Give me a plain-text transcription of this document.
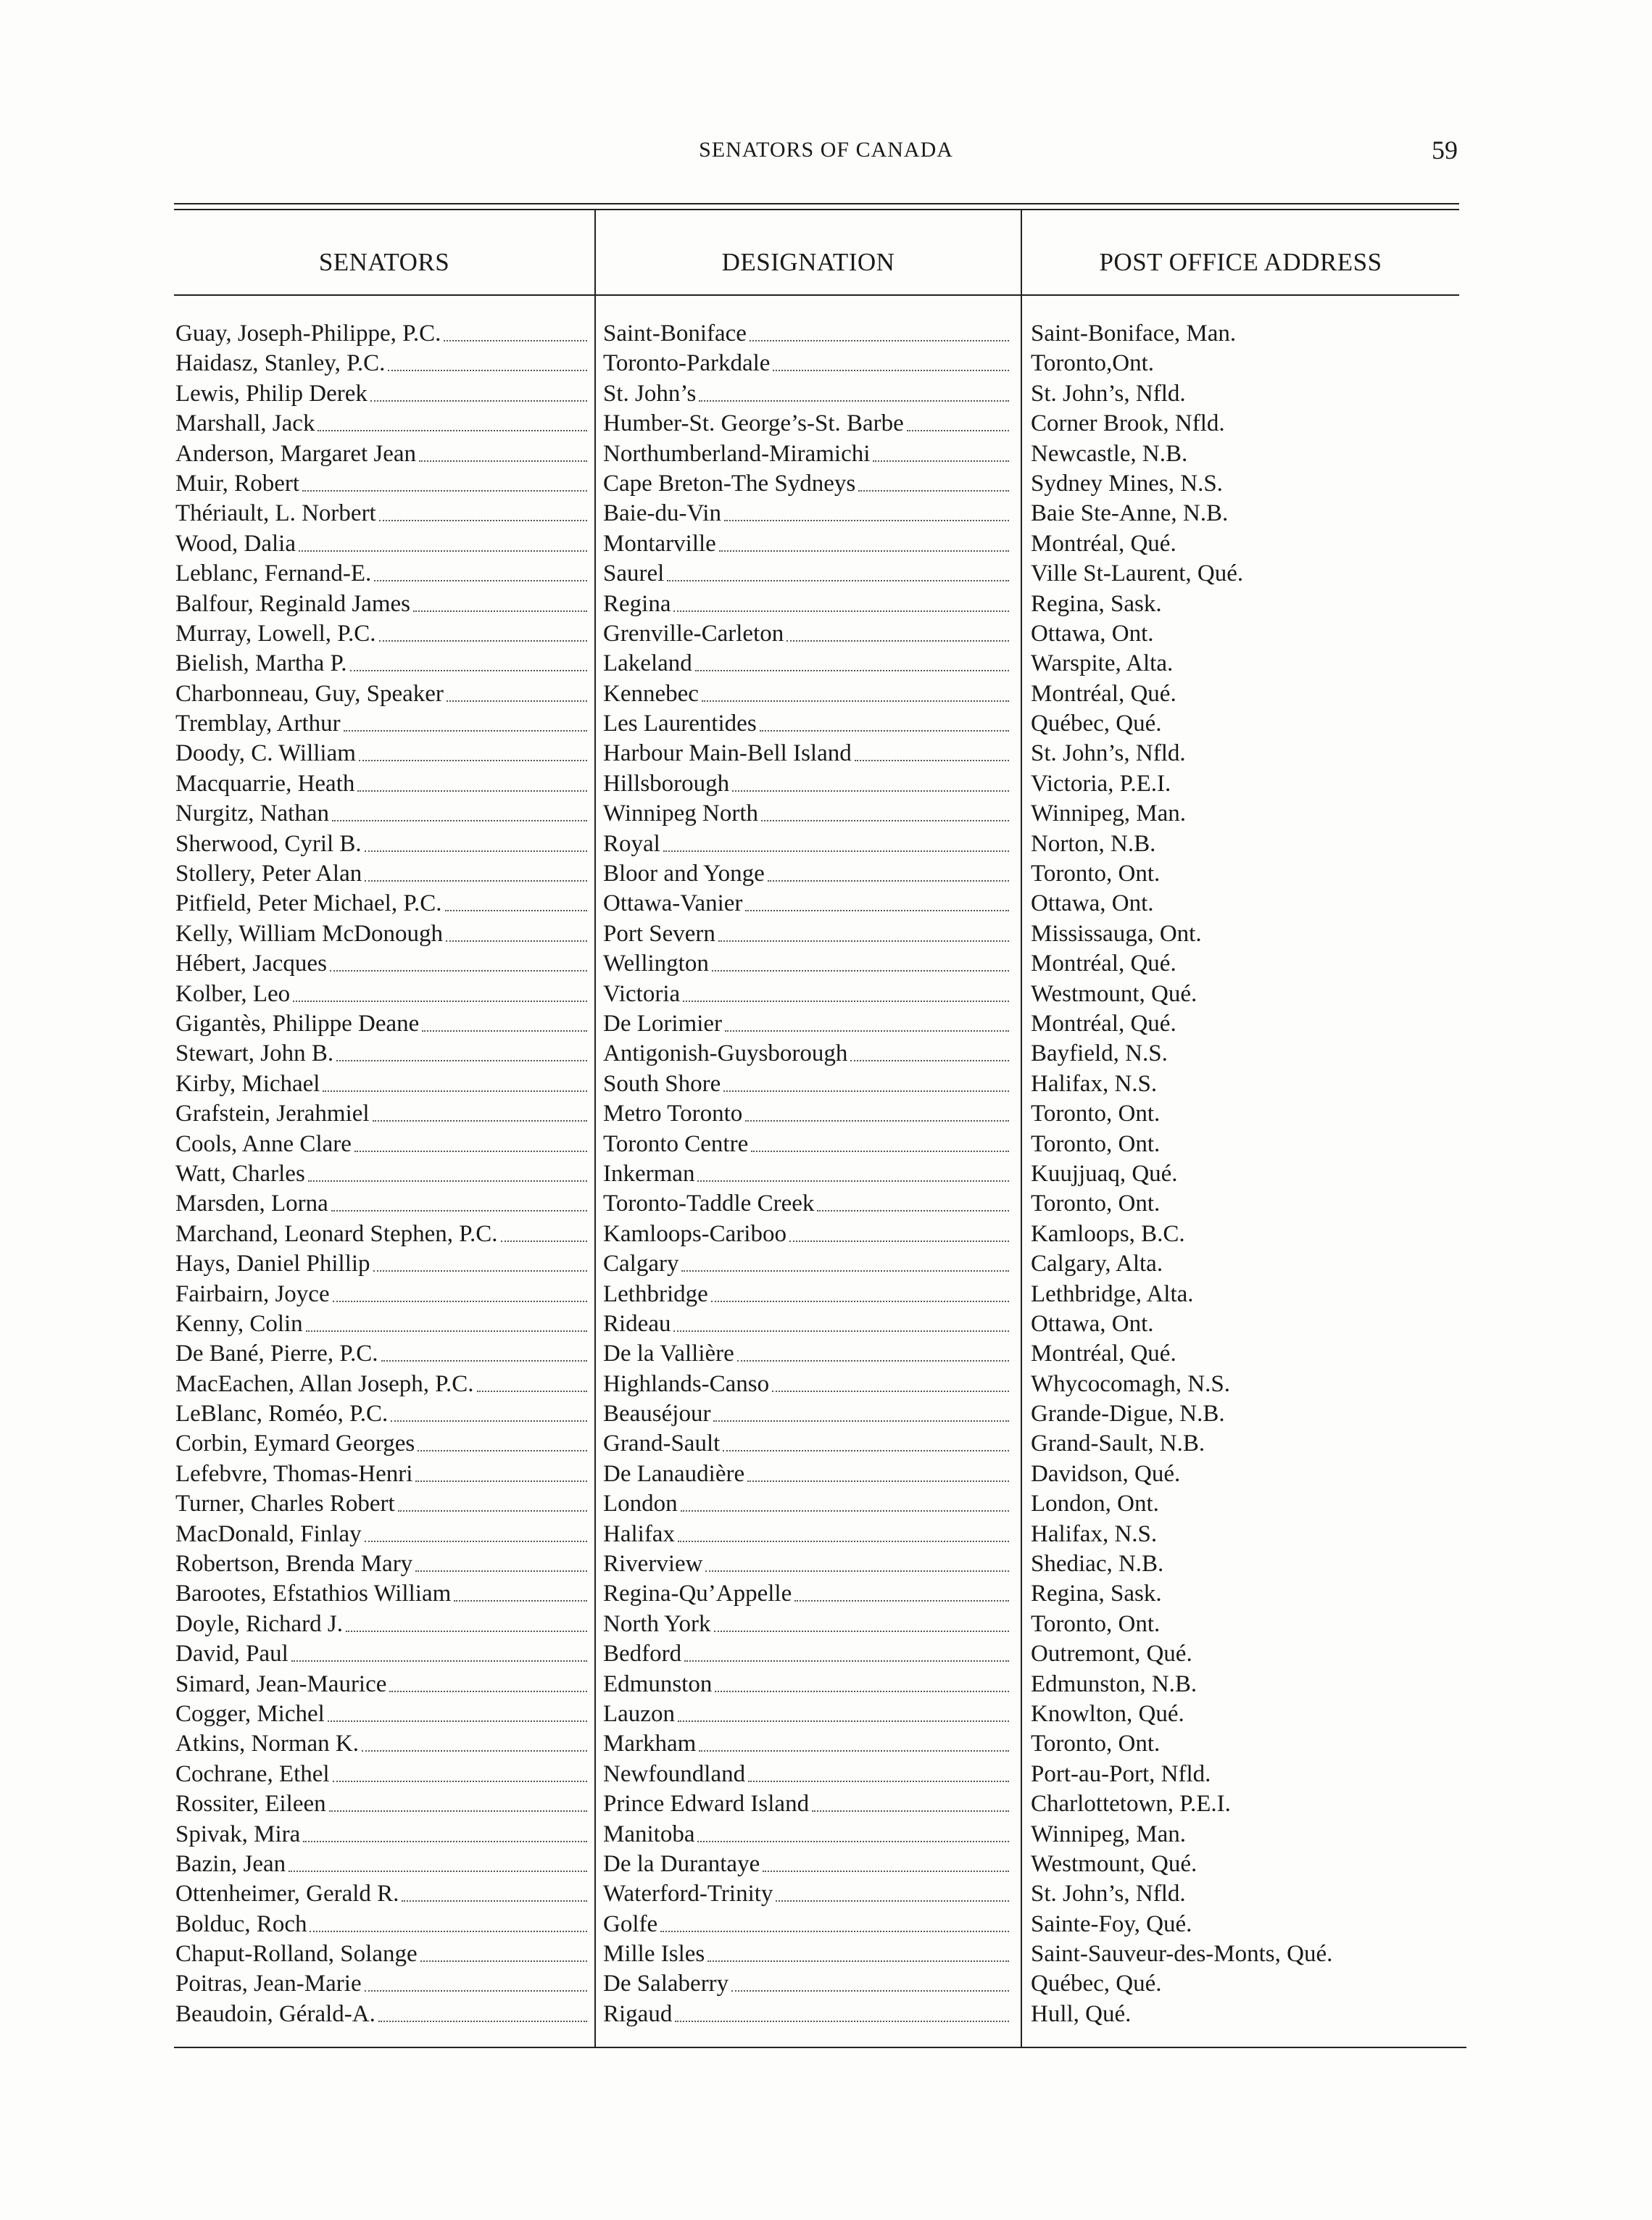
SENATORS OF CANADA	59
SENATORS	DESIGNATION	POST OFFICE ADDRESS
Guay, Joseph-Philippe, P.C.	Saint-Boniface	Saint-Boniface, Man.
Haidasz, Stanley, P.C.	Toronto-Parkdale	Toronto,Ont.
Lewis, Philip Derek	St. John’s	St. John’s, Nfld.
Marshall, Jack	Humber-St. George’s-St. Barbe	Corner Brook, Nfld.
Anderson, Margaret Jean	Northumberland-Miramichi	Newcastle, N.B.
Muir, Robert	Cape Breton-The Sydneys	Sydney Mines, N.S.
Thériault, L. Norbert	Baie-du-Vin	Baie Ste-Anne, N.B.
Wood, Dalia	Montarville	Montréal, Qué.
Leblanc, Fernand-E.	Saurel	Ville St-Laurent, Qué.
Balfour, Reginald James	Regina	Regina, Sask.
Murray, Lowell, P.C.	Grenville-Carleton	Ottawa, Ont.
Bielish, Martha P.	Lakeland	Warspite, Alta.
Charbonneau, Guy, Speaker	Kennebec	Montréal, Qué.
Tremblay, Arthur	Les Laurentides	Québec, Qué.
Doody, C. William	Harbour Main-Bell Island	St. John’s, Nfld.
Macquarrie, Heath	Hillsborough	Victoria, P.E.I.
Nurgitz, Nathan	Winnipeg North	Winnipeg, Man.
Sherwood, Cyril B.	Royal	Norton, N.B.
Stollery, Peter Alan	Bloor and Yonge	Toronto, Ont.
Pitfield, Peter Michael, P.C.	Ottawa-Vanier	Ottawa, Ont.
Kelly, William McDonough	Port Severn	Mississauga, Ont.
Hébert, Jacques	Wellington	Montréal, Qué.
Kolber, Leo	Victoria	Westmount, Qué.
Gigantès, Philippe Deane	De Lorimier	Montréal, Qué.
Stewart, John B.	Antigonish-Guysborough	Bayfield, N.S.
Kirby, Michael	South Shore	Halifax, N.S.
Grafstein, Jerahmiel	Metro Toronto	Toronto, Ont.
Cools, Anne Clare	Toronto Centre	Toronto, Ont.
Watt, Charles	Inkerman	Kuujjuaq, Qué.
Marsden, Lorna	Toronto-Taddle Creek	Toronto, Ont.
Marchand, Leonard Stephen, P.C.	Kamloops-Cariboo	Kamloops, B.C.
Hays, Daniel Phillip	Calgary	Calgary, Alta.
Fairbairn, Joyce	Lethbridge	Lethbridge, Alta.
Kenny, Colin	Rideau	Ottawa, Ont.
De Bané, Pierre, P.C.	De la Vallière	Montréal, Qué.
MacEachen, Allan Joseph, P.C.	Highlands-Canso	Whycocomagh, N.S.
LeBlanc, Roméo, P.C.	Beauséjour	Grande-Digue, N.B.
Corbin, Eymard Georges	Grand-Sault	Grand-Sault, N.B.
Lefebvre, Thomas-Henri	De Lanaudière	Davidson, Qué.
Turner, Charles Robert	London	London, Ont.
MacDonald, Finlay	Halifax	Halifax, N.S.
Robertson, Brenda Mary	Riverview	Shediac, N.B.
Barootes, Efstathios William	Regina-Qu’Appelle	Regina, Sask.
Doyle, Richard J.	North York	Toronto, Ont.
David, Paul	Bedford	Outremont, Qué.
Simard, Jean-Maurice	Edmunston	Edmunston, N.B.
Cogger, Michel	Lauzon	Knowlton, Qué.
Atkins, Norman K.	Markham	Toronto, Ont.
Cochrane, Ethel	Newfoundland	Port-au-Port, Nfld.
Rossiter, Eileen	Prince Edward Island	Charlottetown, P.E.I.
Spivak, Mira	Manitoba	Winnipeg, Man.
Bazin, Jean	De la Durantaye	Westmount, Qué.
Ottenheimer, Gerald R.	Waterford-Trinity	St. John’s, Nfld.
Bolduc, Roch	Golfe	Sainte-Foy, Qué.
Chaput-Rolland, Solange	Mille Isles	Saint-Sauveur-des-Monts, Qué.
Poitras, Jean-Marie	De Salaberry	Québec, Qué.
Beaudoin, Gérald-A.	Rigaud	Hull, Qué.
